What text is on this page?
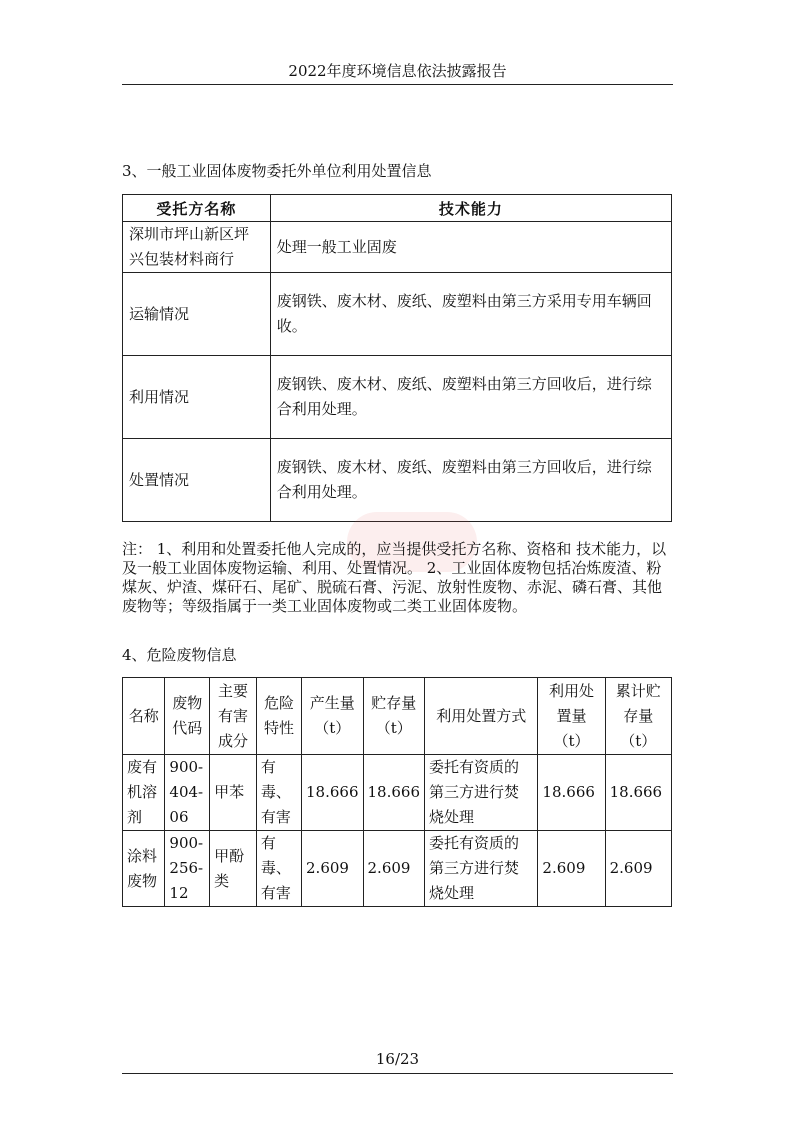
2022年度环境信息依法披露报告
3、一般工业固体废物委托外单位利用处置信息
受托方名称	技术能力
深圳市坪山新区坪兴包装材料商行	处理一般工业固废
运输情况	废钢铁、废木材、废纸、废塑料由第三方采用专用车辆回收。
利用情况	废钢铁、废木材、废纸、废塑料由第三方回收后，进行综合利用处理。
处置情况	废钢铁、废木材、废纸、废塑料由第三方回收后，进行综合利用处理。
注： 1、利用和处置委托他人完成的，应当提供受托方名称、资格和 技术能力，以及一般工业固体废物运输、利用、处置情况。 2、工业固体废物包括冶炼废渣、粉煤灰、炉渣、煤矸石、尾矿、脱硫石膏、污泥、放射性废物、赤泥、磷石膏、其他废物等；等级指属于一类工业固体废物或二类工业固体废物。
4、危险废物信息
名称	废物代码	主要有害成分	危险特性	产生量（t）	贮存量（t）	利用处置方式	利用处置量（t）	累计贮存量（t）
废有机溶剂	900-404-06	甲苯	有毒、有害	18.666	18.666	委托有资质的第三方进行焚烧处理	18.666	18.666
涂料废物	900-256-12	甲酚类	有毒、有害	2.609	2.609	委托有资质的第三方进行焚烧处理	2.609	2.609
16/23
